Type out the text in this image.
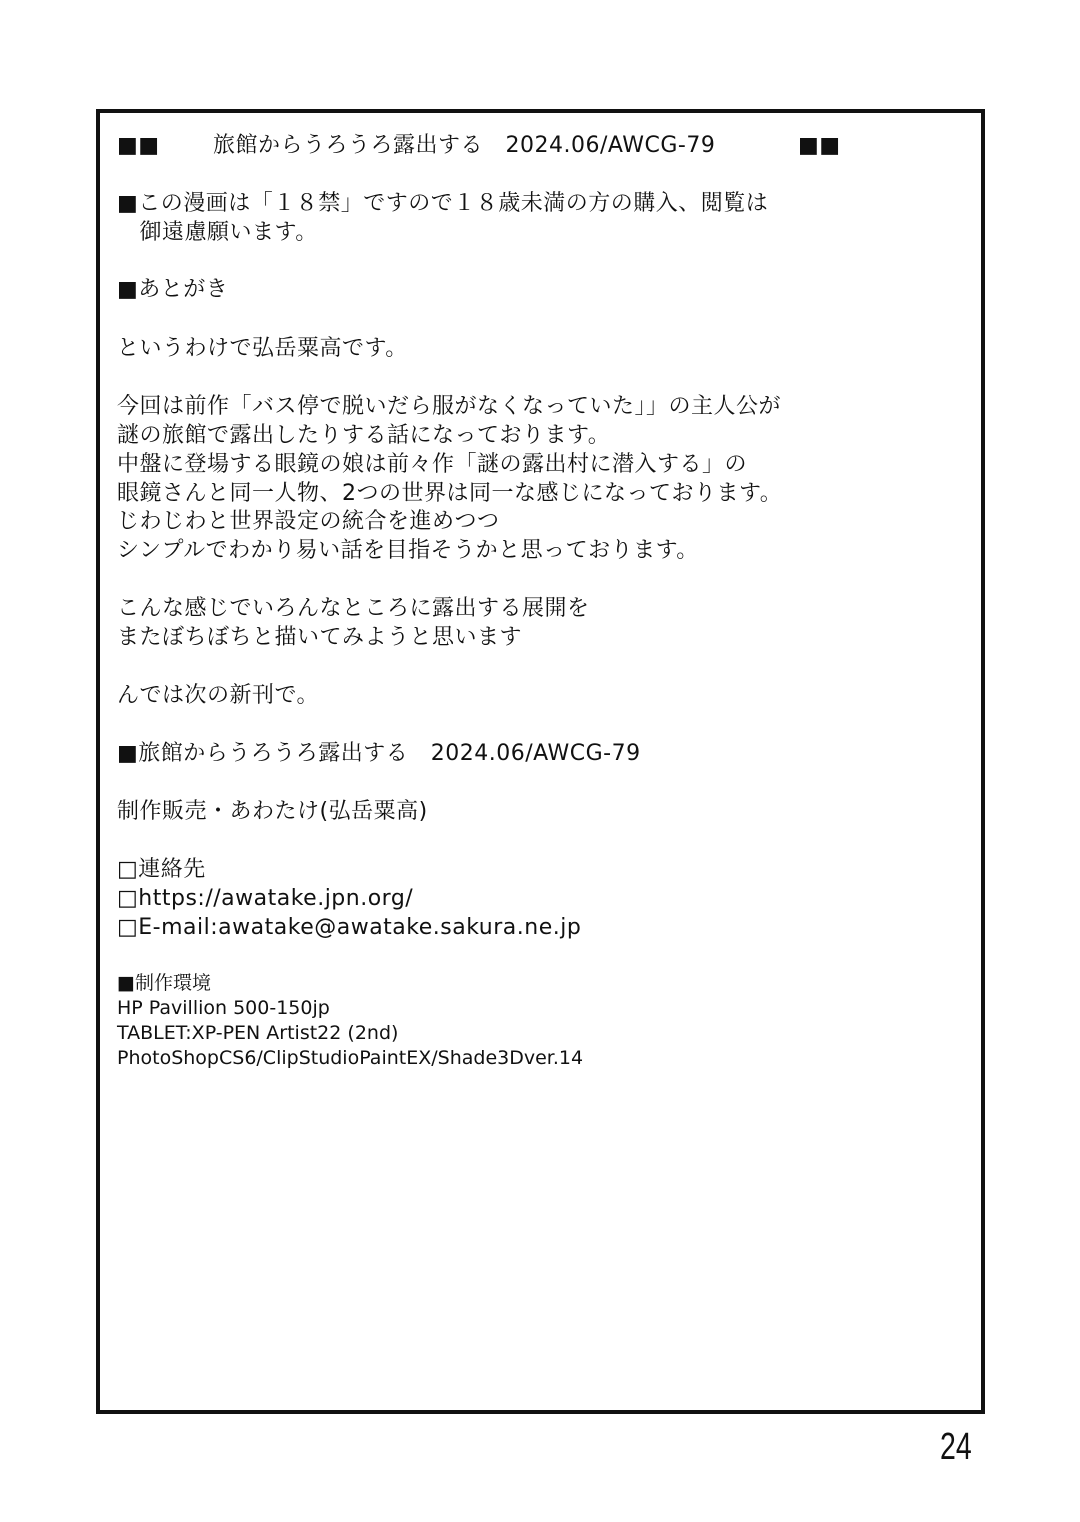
■■ 旅館からうろうろ露出する　2024.06/AWCG-79	■■
■この漫画は「１８禁」ですので１８歳未満の方の購入、閲覧は
　御遠慮願います。
■あとがき
というわけで弘岳粟高です。
今回は前作「バス停で脱いだら服がなくなっていた」」の主人公が
謎の旅館で露出したりする話になっております。
中盤に登場する眼鏡の娘は前々作「謎の露出村に潜入する」の
眼鏡さんと同一人物、2つの世界は同一な感じになっております。
じわじわと世界設定の統合を進めつつ
シンプルでわかり易い話を目指そうかと思っております。
こんな感じでいろんなところに露出する展開を
またぼちぼちと描いてみようと思います
んでは次の新刊で。
■旅館からうろうろ露出する　2024.06/AWCG-79
制作販売・あわたけ(弘岳粟高)
□連絡先
□https://awatake.jpn.org/
□E-mail:awatake@awatake.sakura.ne.jp
■制作環境
HP Pavillion 500-150jp
TABLET:XP-PEN Artist22 (2nd)
PhotoShopCS6/ClipStudioPaintEX/Shade3Dver.14
24
